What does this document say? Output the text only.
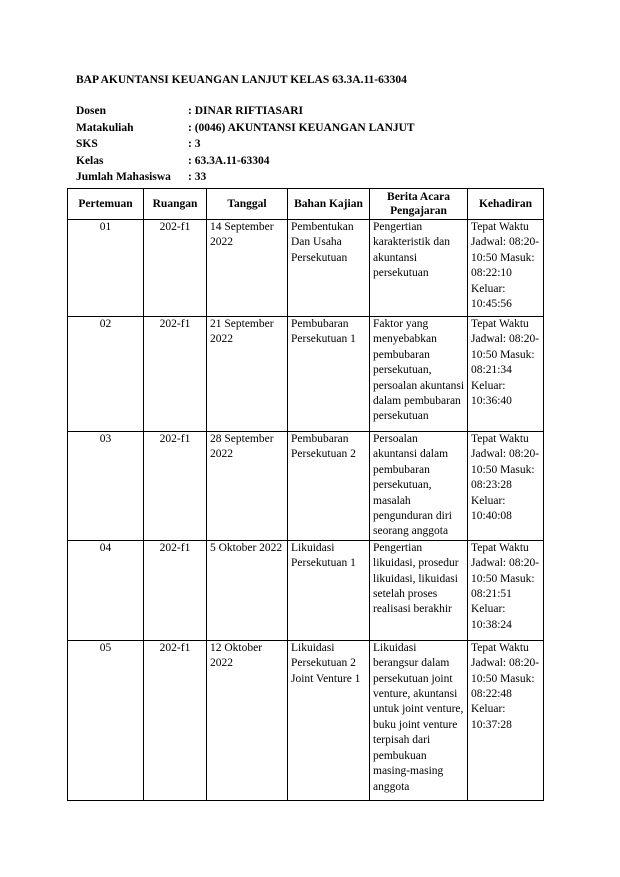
BAP AKUNTANSI KEUANGAN LANJUT KELAS 63.3A.11-63304
Dosen	: DINAR RIFTIASARI
Matakuliah	: (0046) AKUNTANSI KEUANGAN LANJUT
SKS	: 3
Kelas	: 63.3A.11-63304
Jumlah Mahasiswa	: 33
Pertemuan	Ruangan	Tanggal	Bahan Kajian	Berita Acara Pengajaran	Kehadiran
01	202-f1	14 September 2022	Pembentukan Dan Usaha Persekutuan	Pengertian karakteristik dan akuntansi persekutuan	Tepat Waktu Jadwal: 08:20-10:50 Masuk: 08:22:10 Keluar: 10:45:56
02	202-f1	21 September 2022	Pembubaran Persekutuan 1	Faktor yang menyebabkan pembubaran persekutuan, persoalan akuntansi dalam pembubaran persekutuan	Tepat Waktu Jadwal: 08:20-10:50 Masuk: 08:21:34 Keluar: 10:36:40
03	202-f1	28 September 2022	Pembubaran Persekutuan 2	Persoalan akuntansi dalam pembubaran persekutuan, masalah pengunduran diri seorang anggota	Tepat Waktu Jadwal: 08:20-10:50 Masuk: 08:23:28 Keluar: 10:40:08
04	202-f1	5 Oktober 2022	Likuidasi Persekutuan 1	Pengertian likuidasi, prosedur likuidasi, likuidasi setelah proses realisasi berakhir	Tepat Waktu Jadwal: 08:20-10:50 Masuk: 08:21:51 Keluar: 10:38:24
05	202-f1	12 Oktober 2022	Likuidasi Persekutuan 2 Joint Venture 1	Likuidasi berangsur dalam persekutuan joint venture, akuntansi untuk joint venture, buku joint venture terpisah dari pembukuan masing-masing anggota	Tepat Waktu Jadwal: 08:20-10:50 Masuk: 08:22:48 Keluar: 10:37:28
